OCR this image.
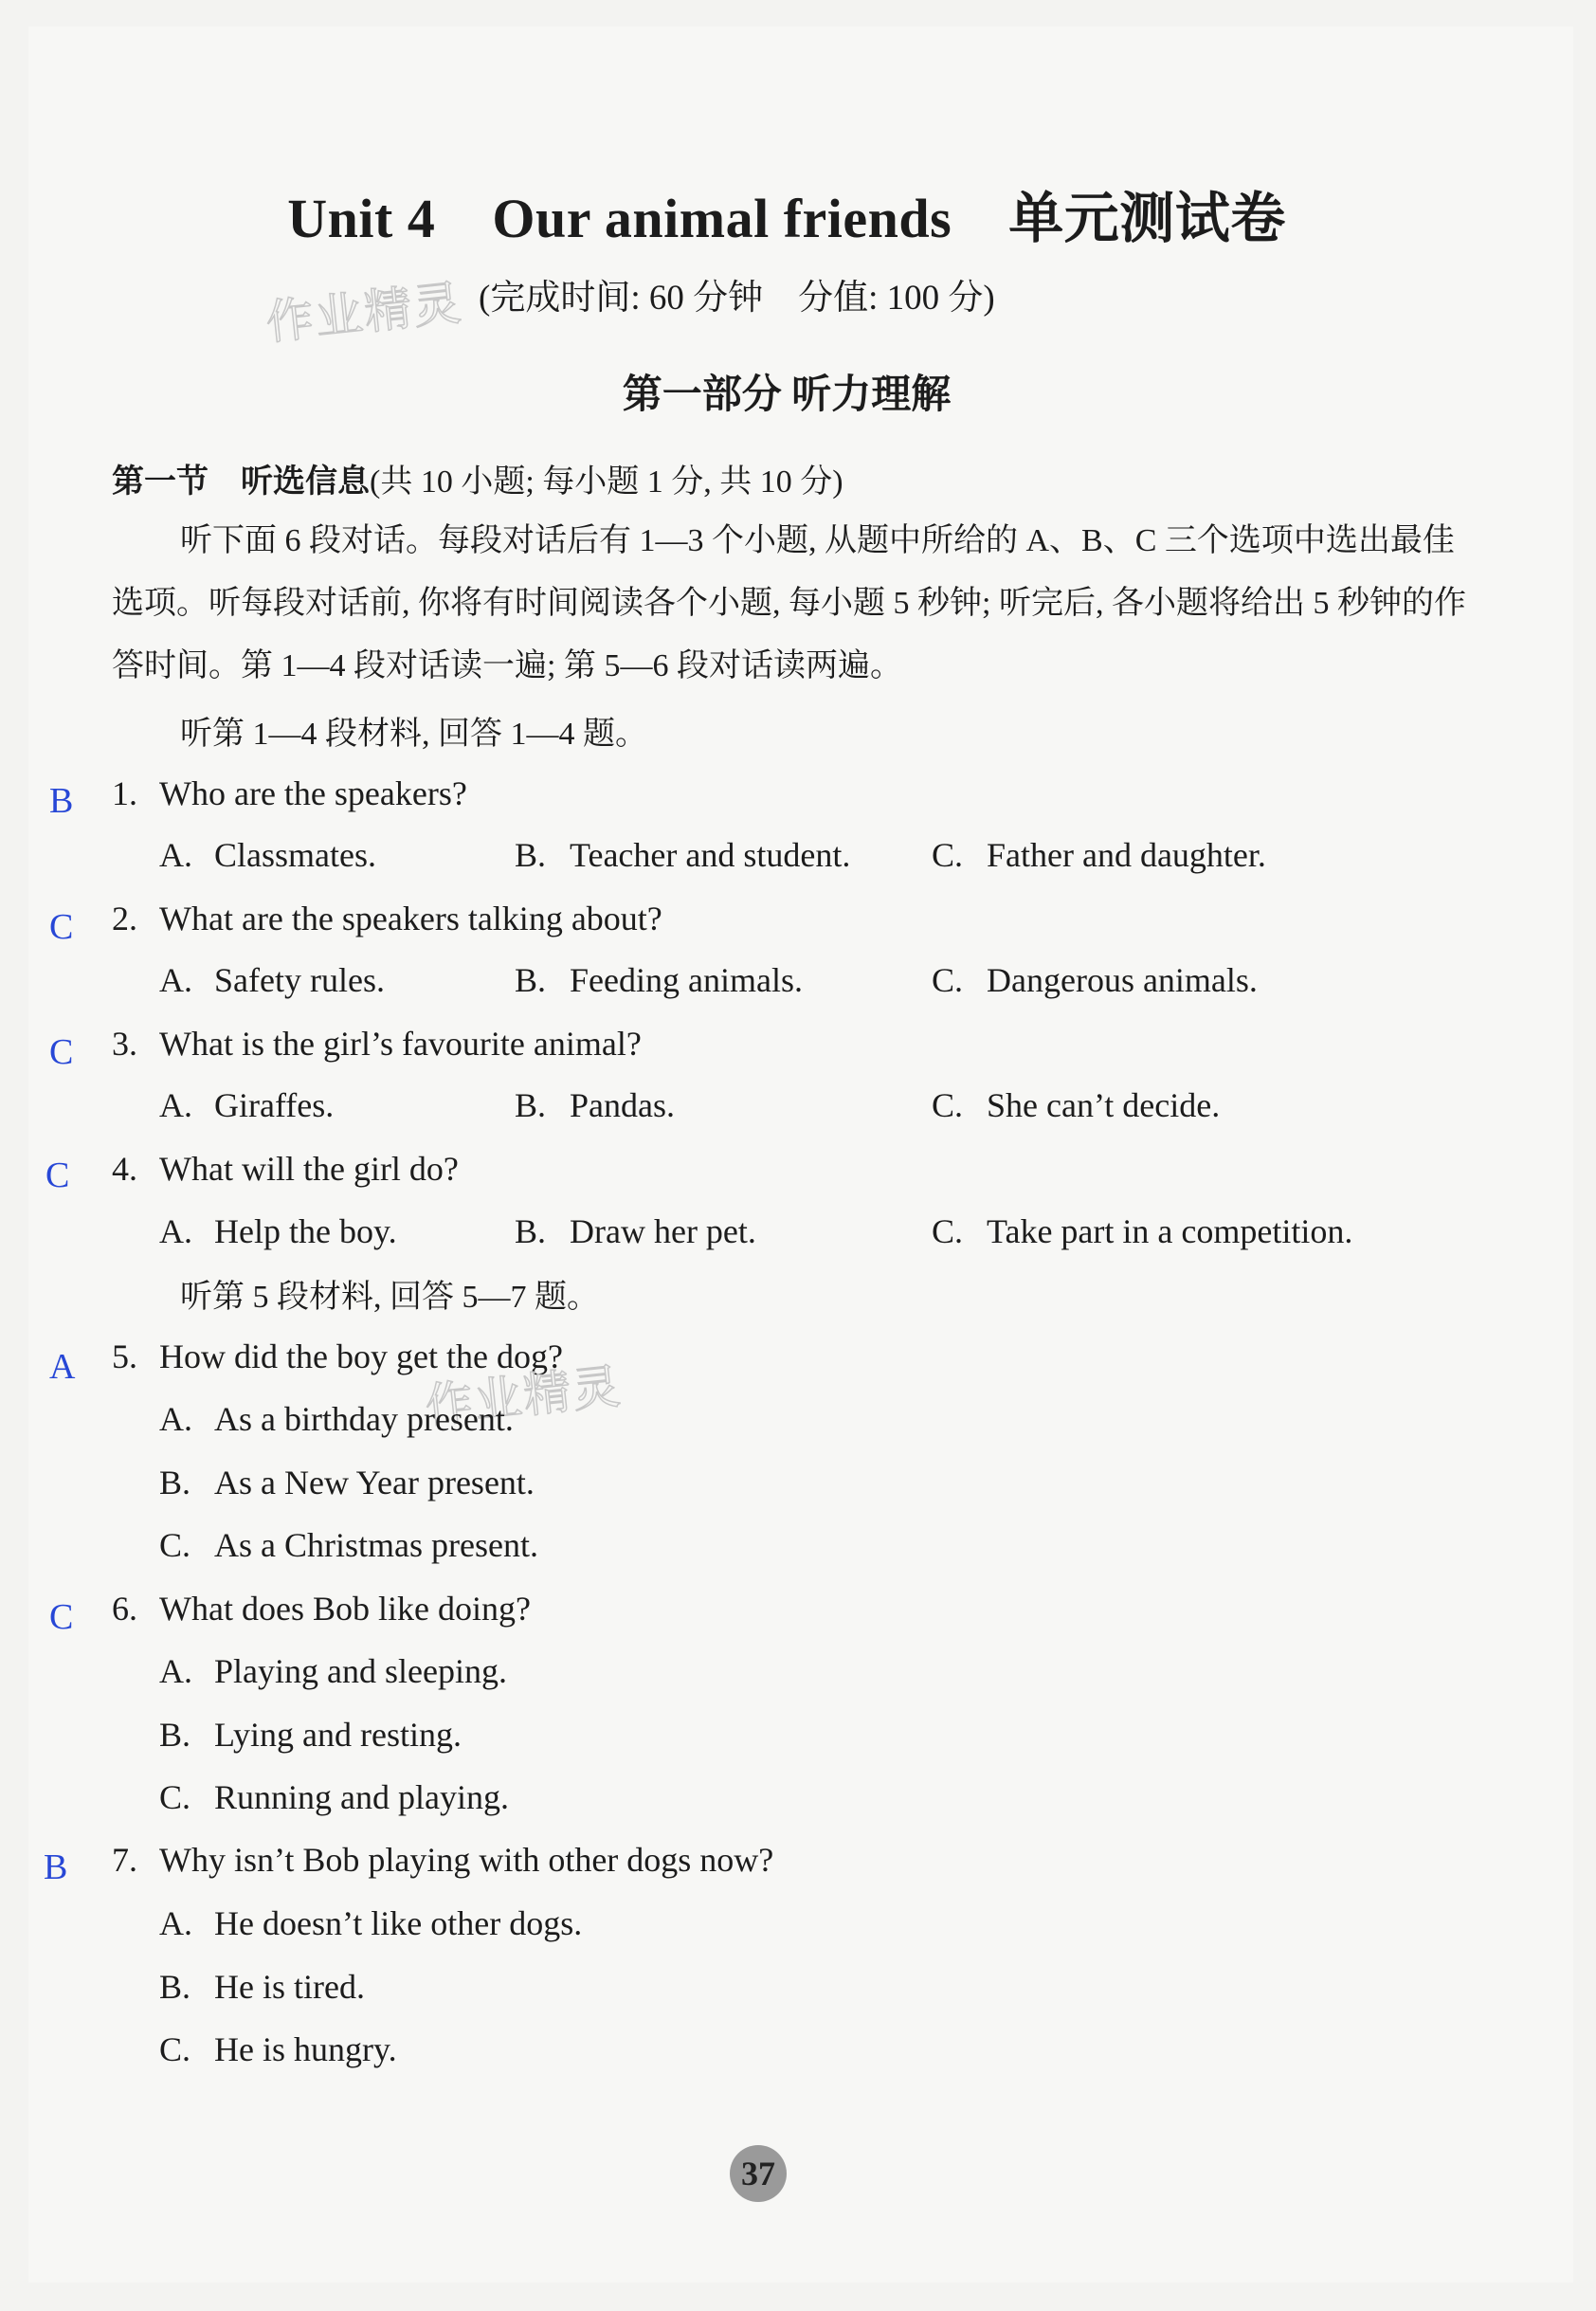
Unit 4 Our animal friends 单元测试卷
作业精灵 (完成时间: 60 分钟　分值: 100 分)
第一部分 听力理解
第一节　听选信息(共 10 小题; 每小题 1 分, 共 10 分)
听下面 6 段对话。每段对话后有 1—3 个小题, 从题中所给的 A、B、C 三个选项中选出最佳选项。听每段对话前, 你将有时间阅读各个小题, 每小题 5 秒钟; 听完后, 各小题将给出 5 秒钟的作答时间。第 1—4 段对话读一遍; 第 5—6 段对话读两遍。
听第 1—4 段材料, 回答 1—4 题。
B 1. Who are the speakers?
A. Classmates.	B. Teacher and student. C. Father and daughter.
C 2. What are the speakers talking about?
A. Safety rules.	B. Feeding animals.	C. Dangerous animals.
C 3. What is the girl’s favourite animal?
A. Giraffes.	B. Pandas.	C. She can’t decide.
C 4. What will the girl do?
A. Help the boy.	B. Draw her pet.	C. Take part in a competition.
听第 5 段材料, 回答 5—7 题。
A 5. How did the boy get the dog?
作业精灵
A. As a birthday present.
B. As a New Year present.
C. As a Christmas present.
C 6. What does Bob like doing?
A. Playing and sleeping.
B. Lying and resting.
C. Running and playing.
B 7. Why isn’t Bob playing with other dogs now?
A. He doesn’t like other dogs.
B. He is tired.
C. He is hungry.
37
